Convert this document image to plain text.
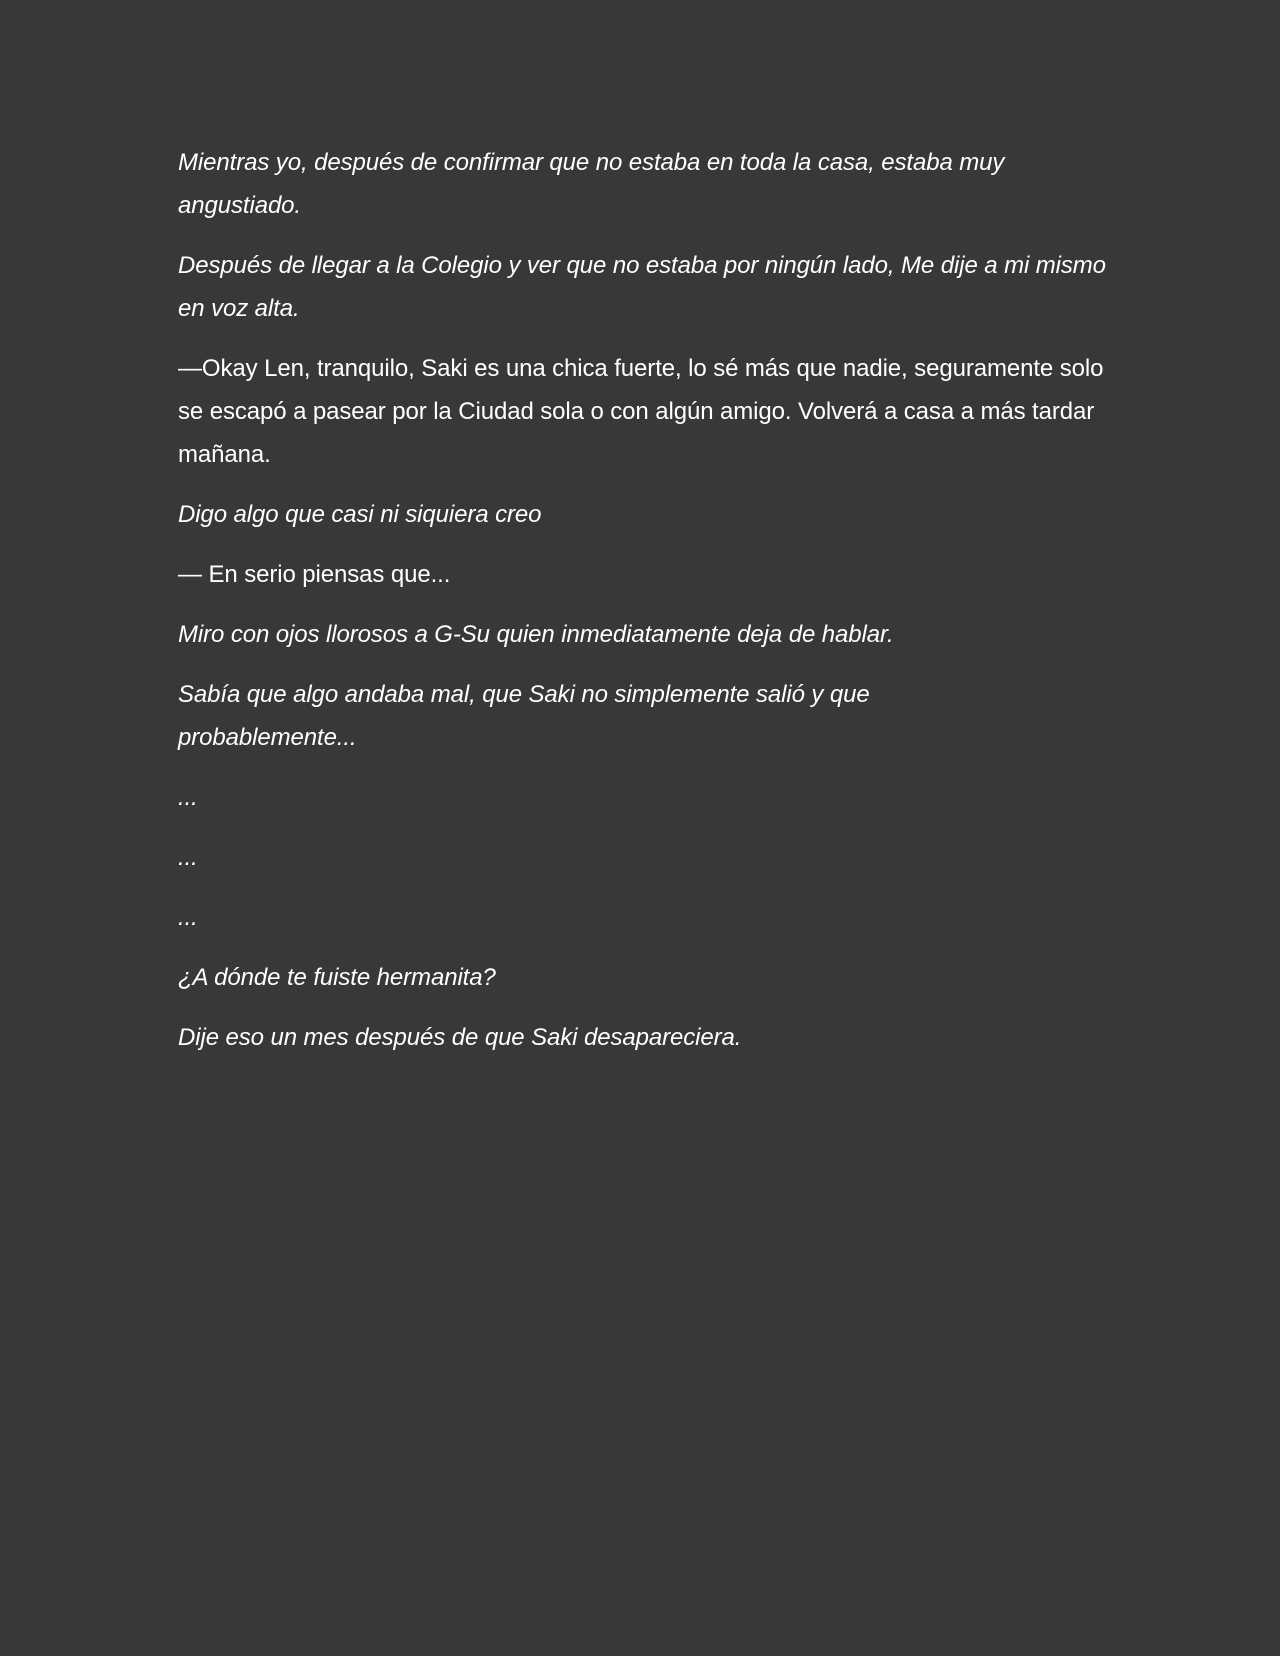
Mientras yo, después de confirmar que no estaba en toda la casa, estaba muy angustiado.

Después de llegar a la Colegio y ver que no estaba por ningún lado, Me dije a mi mismo en voz alta.

—Okay Len, tranquilo, Saki es una chica fuerte, lo sé más que nadie, seguramente solo se escapó a pasear por la Ciudad sola o con algún amigo. Volverá a casa a más tardar mañana.

Digo algo que casi ni siquiera creo

— En serio piensas que...

Miro con ojos llorosos a G-Su quien inmediatamente deja de hablar.

Sabía que algo andaba mal, que Saki no simplemente salió y que probablemente...

...

...

...

¿A dónde te fuiste hermanita?

Dije eso un mes después de que Saki desapareciera.
